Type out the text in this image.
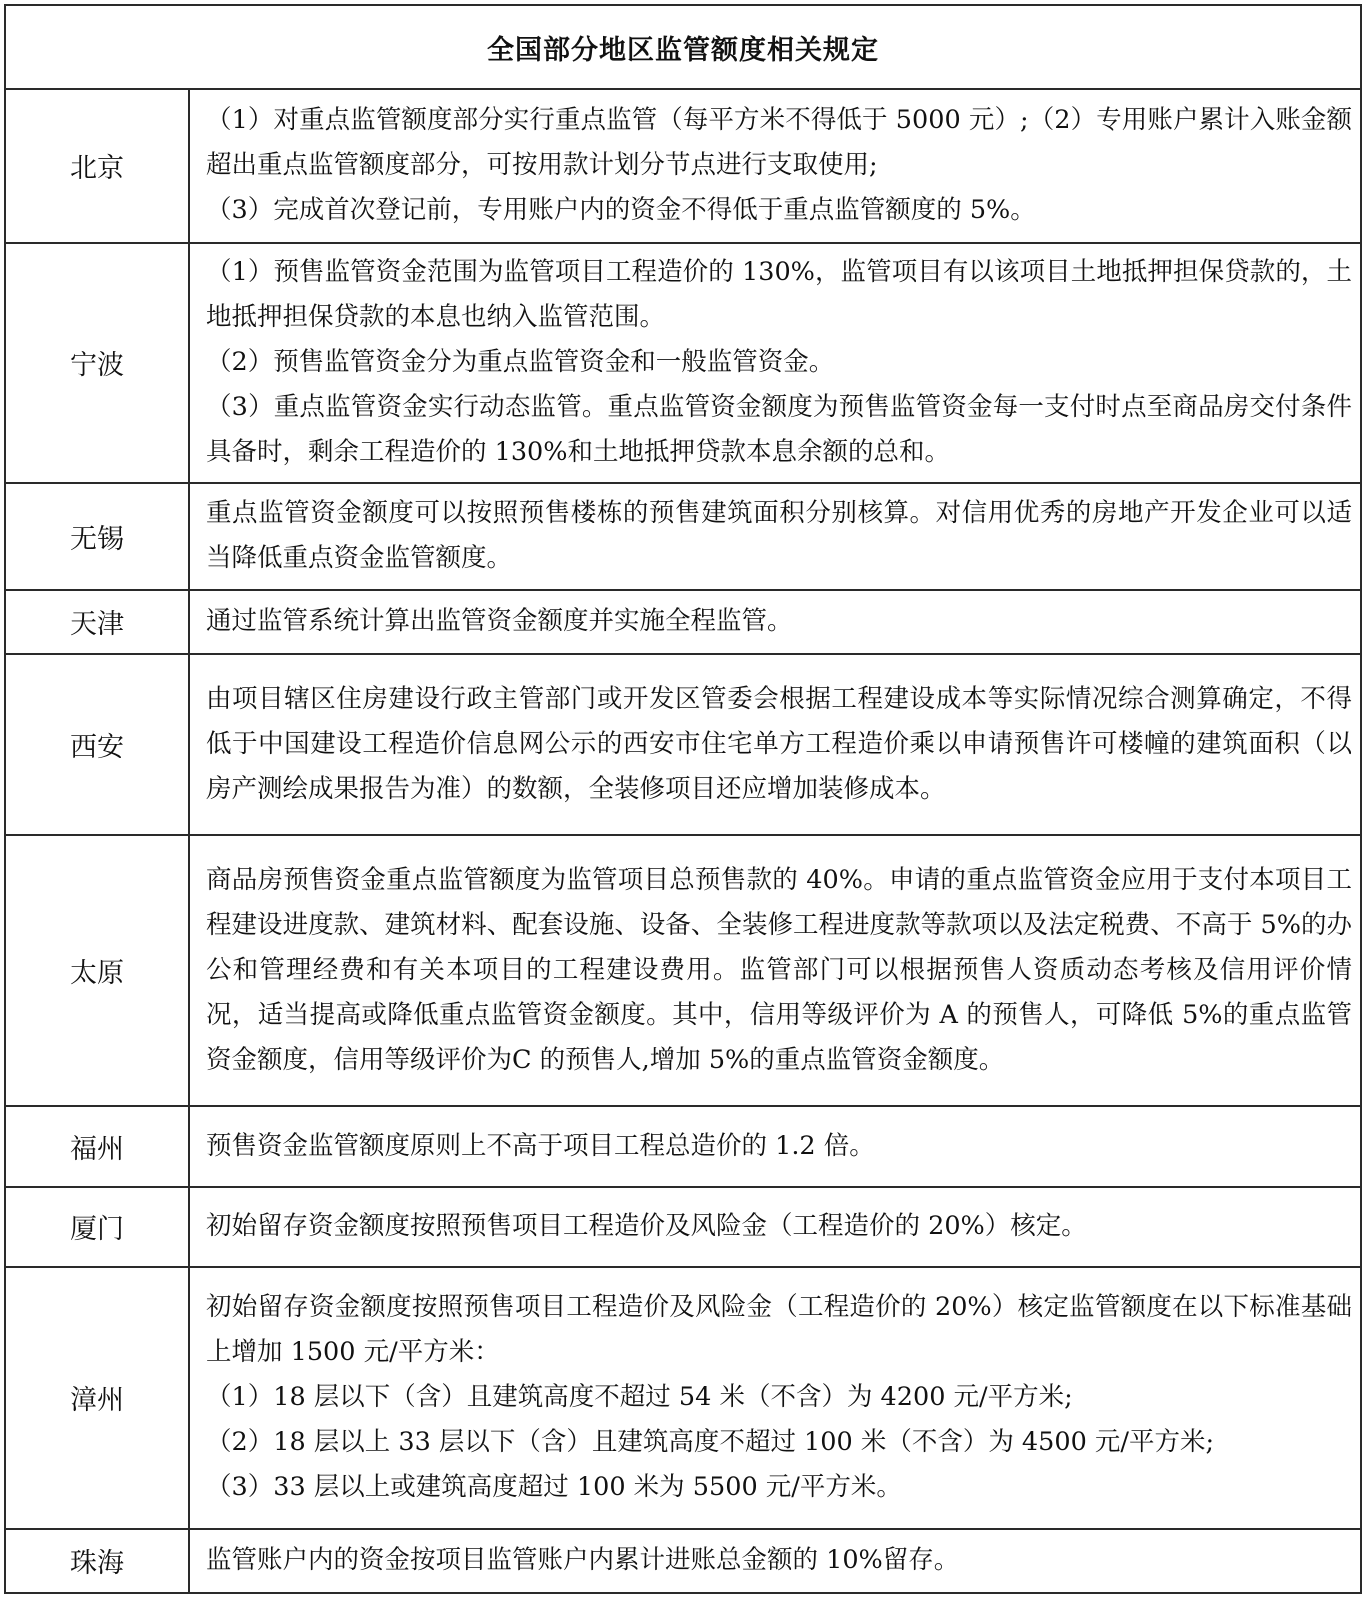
全国部分地区监管额度相关规定	
北京	（1）对重点监管额度部分实行重点监管（每平方米不得低于 5000 元）;（2）专用账户累计入账金额超出重点监管额度部分，可按用款计划分节点进行支取使用;
（3）完成首次登记前，专用账户内的资金不得低于重点监管额度的 5%。

宁波	（1）预售监管资金范围为监管项目工程造价的 130%，监管项目有以该项目土地抵押担保贷款的，土地抵押担保贷款的本息也纳入监管范围。
（2）预售监管资金分为重点监管资金和一般监管资金。
（3）重点监管资金实行动态监管。重点监管资金额度为预售监管资金每一支付时点至商品房交付条件具备时，剩余工程造价的 130%和土地抵押贷款本息余额的总和。

无锡	重点监管资金额度可以按照预售楼栋的预售建筑面积分别核算。对信用优秀的房地产开发企业可以适当降低重点资金监管额度。

天津	通过监管系统计算出监管资金额度并实施全程监管。

西安	由项目辖区住房建设行政主管部门或开发区管委会根据工程建设成本等实际情况综合测算确定，不得低于中国建设工程造价信息网公示的西安市住宅单方工程造价乘以申请预售许可楼幢的建筑面积（以房产测绘成果报告为准）的数额，全装修项目还应增加装修成本。

太原	商品房预售资金重点监管额度为监管项目总预售款的 40%。申请的重点监管资金应用于支付本项目工程建设进度款、建筑材料、配套设施、设备、全装修工程进度款等款项以及法定税费、不高于 5%的办公和管理经费和有关本项目的工程建设费用。监管部门可以根据预售人资质动态考核及信用评价情况，适当提高或降低重点监管资金额度。其中，信用等级评价为 A 的预售人，可降低 5%的重点监管资金额度，信用等级评价为C 的预售人,增加 5%的重点监管资金额度。

福州	预售资金监管额度原则上不高于项目工程总造价的 1.2 倍。

厦门	初始留存资金额度按照预售项目工程造价及风险金（工程造价的 20%）核定。

漳州	初始留存资金额度按照预售项目工程造价及风险金（工程造价的 20%）核定监管额度在以下标准基础上增加 1500 元/平方米：
（1）18 层以下（含）且建筑高度不超过 54 米（不含）为 4200 元/平方米;
（2）18 层以上 33 层以下（含）且建筑高度不超过 100 米（不含）为 4500 元/平方米;
（3）33 层以上或建筑高度超过 100 米为 5500 元/平方米。

珠海	监管账户内的资金按项目监管账户内累计进账总金额的 10%留存。
